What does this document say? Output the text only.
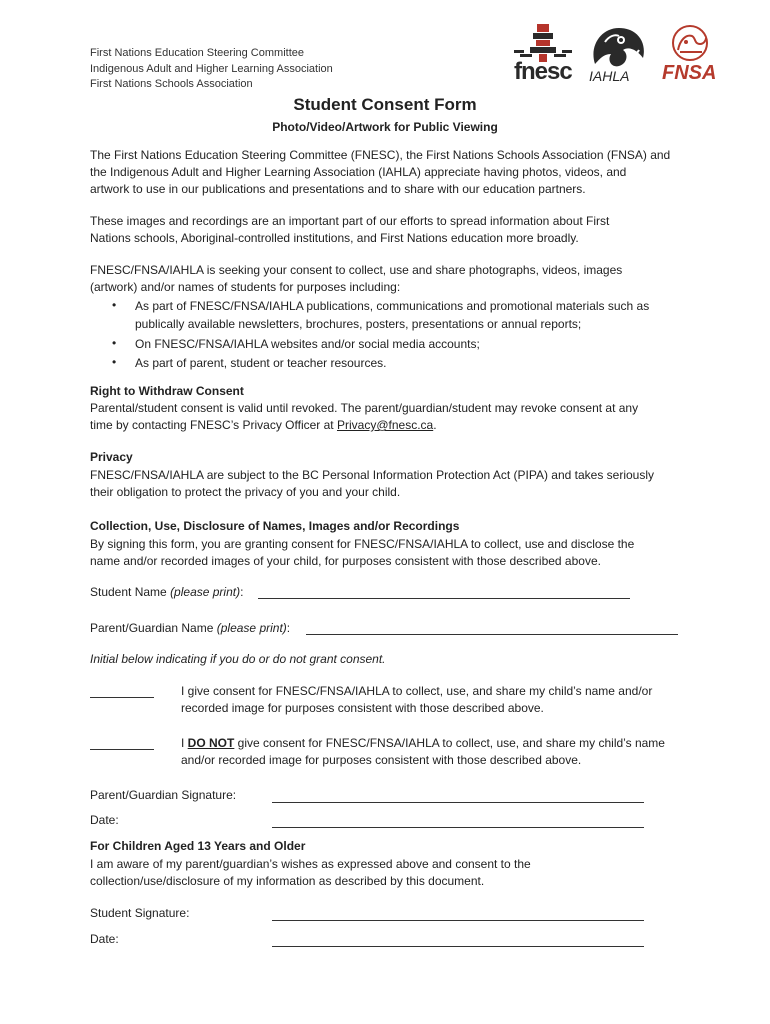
First Nations Education Steering Committee
Indigenous Adult and Higher Learning Association
First Nations Schools Association	fnesc IAHLA FNSA
Student Consent Form
Photo/Video/Artwork for Public Viewing
The First Nations Education Steering Committee (FNESC), the First Nations Schools Association (FNSA) and
the Indigenous Adult and Higher Learning Association (IAHLA) appreciate having photos, videos, and
artwork to use in our publications and presentations and to share with our education partners.
These images and recordings are an important part of our efforts to spread information about First
Nations schools, Aboriginal-controlled institutions, and First Nations education more broadly.
FNESC/FNSA/IAHLA is seeking your consent to collect, use and share photographs, videos, images
(artwork) and/or names of students for purposes including:
• As part of FNESC/FNSA/IAHLA publications, communications and promotional materials such as
publically available newsletters, brochures, posters, presentations or annual reports;
• On FNESC/FNSA/IAHLA websites and/or social media accounts;
• As part of parent, student or teacher resources.
Right to Withdraw Consent
Parental/student consent is valid until revoked. The parent/guardian/student may revoke consent at any
time by contacting FNESC’s Privacy Officer at Privacy@fnesc.ca.
Privacy
FNESC/FNSA/IAHLA are subject to the BC Personal Information Protection Act (PIPA) and takes seriously
their obligation to protect the privacy of you and your child.
Collection, Use, Disclosure of Names, Images and/or Recordings
By signing this form, you are granting consent for FNESC/FNSA/IAHLA to collect, use and disclose the
name and/or recorded images of your child, for purposes consistent with those described above.
Student Name (please print):
Parent/Guardian Name (please print):
Initial below indicating if you do or do not grant consent.
I give consent for FNESC/FNSA/IAHLA to collect, use, and share my child’s name and/or
recorded image for purposes consistent with those described above.
I DO NOT give consent for FNESC/FNSA/IAHLA to collect, use, and share my child’s name
and/or recorded image for purposes consistent with those described above.
Parent/Guardian Signature:
Date:
For Children Aged 13 Years and Older
I am aware of my parent/guardian’s wishes as expressed above and consent to the
collection/use/disclosure of my information as described by this document.
Student Signature:
Date:
